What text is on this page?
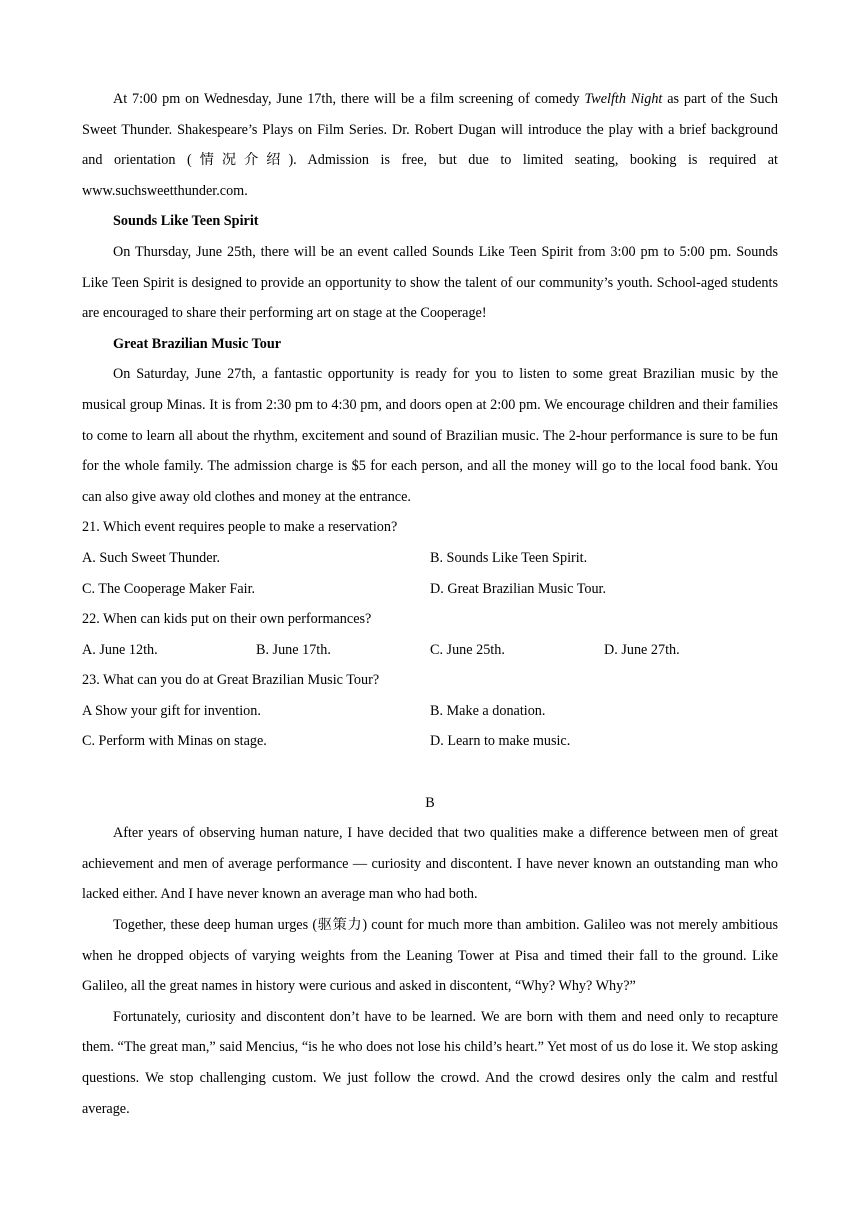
At 7:00 pm on Wednesday, June 17th, there will be a film screening of comedy Twelfth Night as part of the Such Sweet Thunder. Shakespeare’s Plays on Film Series. Dr. Robert Dugan will introduce the play with a brief background and orientation (情况介绍). Admission is free, but due to limited seating, booking is required at www.suchsweetthunder.com.

Sounds Like Teen Spirit

On Thursday, June 25th, there will be an event called Sounds Like Teen Spirit from 3:00 pm to 5:00 pm. Sounds Like Teen Spirit is designed to provide an opportunity to show the talent of our community’s youth. School-aged students are encouraged to share their performing art on stage at the Cooperage!

Great Brazilian Music Tour

On Saturday, June 27th, a fantastic opportunity is ready for you to listen to some great Brazilian music by the musical group Minas. It is from 2:30 pm to 4:30 pm, and doors open at 2:00 pm. We encourage children and their families to come to learn all about the rhythm, excitement and sound of Brazilian music. The 2-hour performance is sure to be fun for the whole family. The admission charge is $5 for each person, and all the money will go to the local food bank. You can also give away old clothes and money at the entrance.

21. Which event requires people to make a reservation?

A. Such Sweet Thunder.	B. Sounds Like Teen Spirit.
C. The Cooperage Maker Fair.	D. Great Brazilian Music Tour.

22. When can kids put on their own performances?

A. June 12th.	B. June 17th.	C. June 25th.	D. June 27th.

23. What can you do at Great Brazilian Music Tour?

A Show your gift for invention.	B. Make a donation.
C. Perform with Minas on stage.	D. Learn to make music.

B

After years of observing human nature, I have decided that two qualities make a difference between men of great achievement and men of average performance — curiosity and discontent. I have never known an outstanding man who lacked either. And I have never known an average man who had both.

Together, these deep human urges (驱策力) count for much more than ambition. Galileo was not merely ambitious when he dropped objects of varying weights from the Leaning Tower at Pisa and timed their fall to the ground. Like Galileo, all the great names in history were curious and asked in discontent, “Why? Why? Why?”

Fortunately, curiosity and discontent don’t have to be learned. We are born with them and need only to recapture them. “The great man,” said Mencius, “is he who does not lose his child’s heart.” Yet most of us do lose it. We stop asking questions. We stop challenging custom. We just follow the crowd. And the crowd desires only the calm and restful average.
